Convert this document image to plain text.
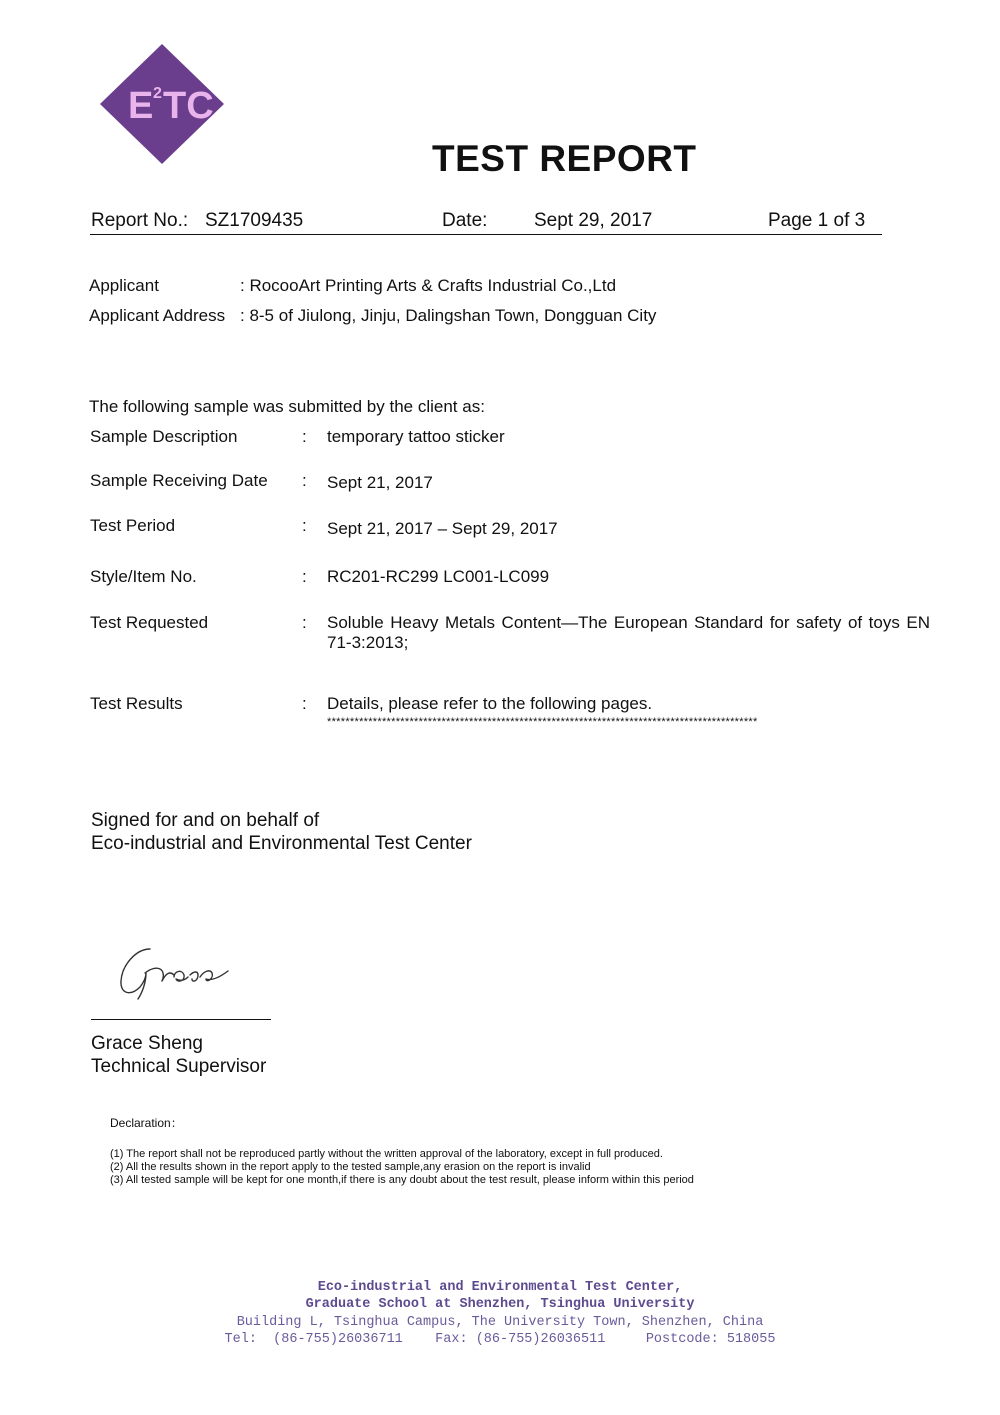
E 2 TC
TEST REPORT
Report No.: SZ1709435	Date: Sept 29, 2017	Page 1 of 3
Applicant	: RocooArt Printing Arts & Crafts Industrial Co.,Ltd
Applicant Address : 8-5 of Jiulong, Jinju, Dalingshan Town, Dongguan City
The following sample was submitted by the client as:
Sample Description	: temporary tattoo sticker
Sample Receiving Date : Sept 21, 2017
Test Period	: Sept 21, 2017 – Sept 29, 2017
Style/Item No.	: RC201-RC299 LC001-LC099
Test Requested	: Soluble Heavy Metals Content—The European Standard for safety of toys EN 71-3:2013;
Test Results	: Details, please refer to the following pages.
**********************************************************************************************
Signed for and on behalf of
Eco-industrial and Environmental Test Center
Grace Sheng
Technical Supervisor
Declaration：
(1) The report shall not be reproduced partly without the written approval of the laboratory, except in full produced.
(2) All the results shown in the report apply to the tested sample,any erasion on the report is invalid
(3) All tested sample will be kept for one month,if there is any doubt about the test result, please inform within this period
Eco-industrial and Environmental Test Center,
Graduate School at Shenzhen, Tsinghua University
Building L, Tsinghua Campus, The University Town, Shenzhen, China
Tel:  (86-755)26036711    Fax: (86-755)26036511     Postcode: 518055
